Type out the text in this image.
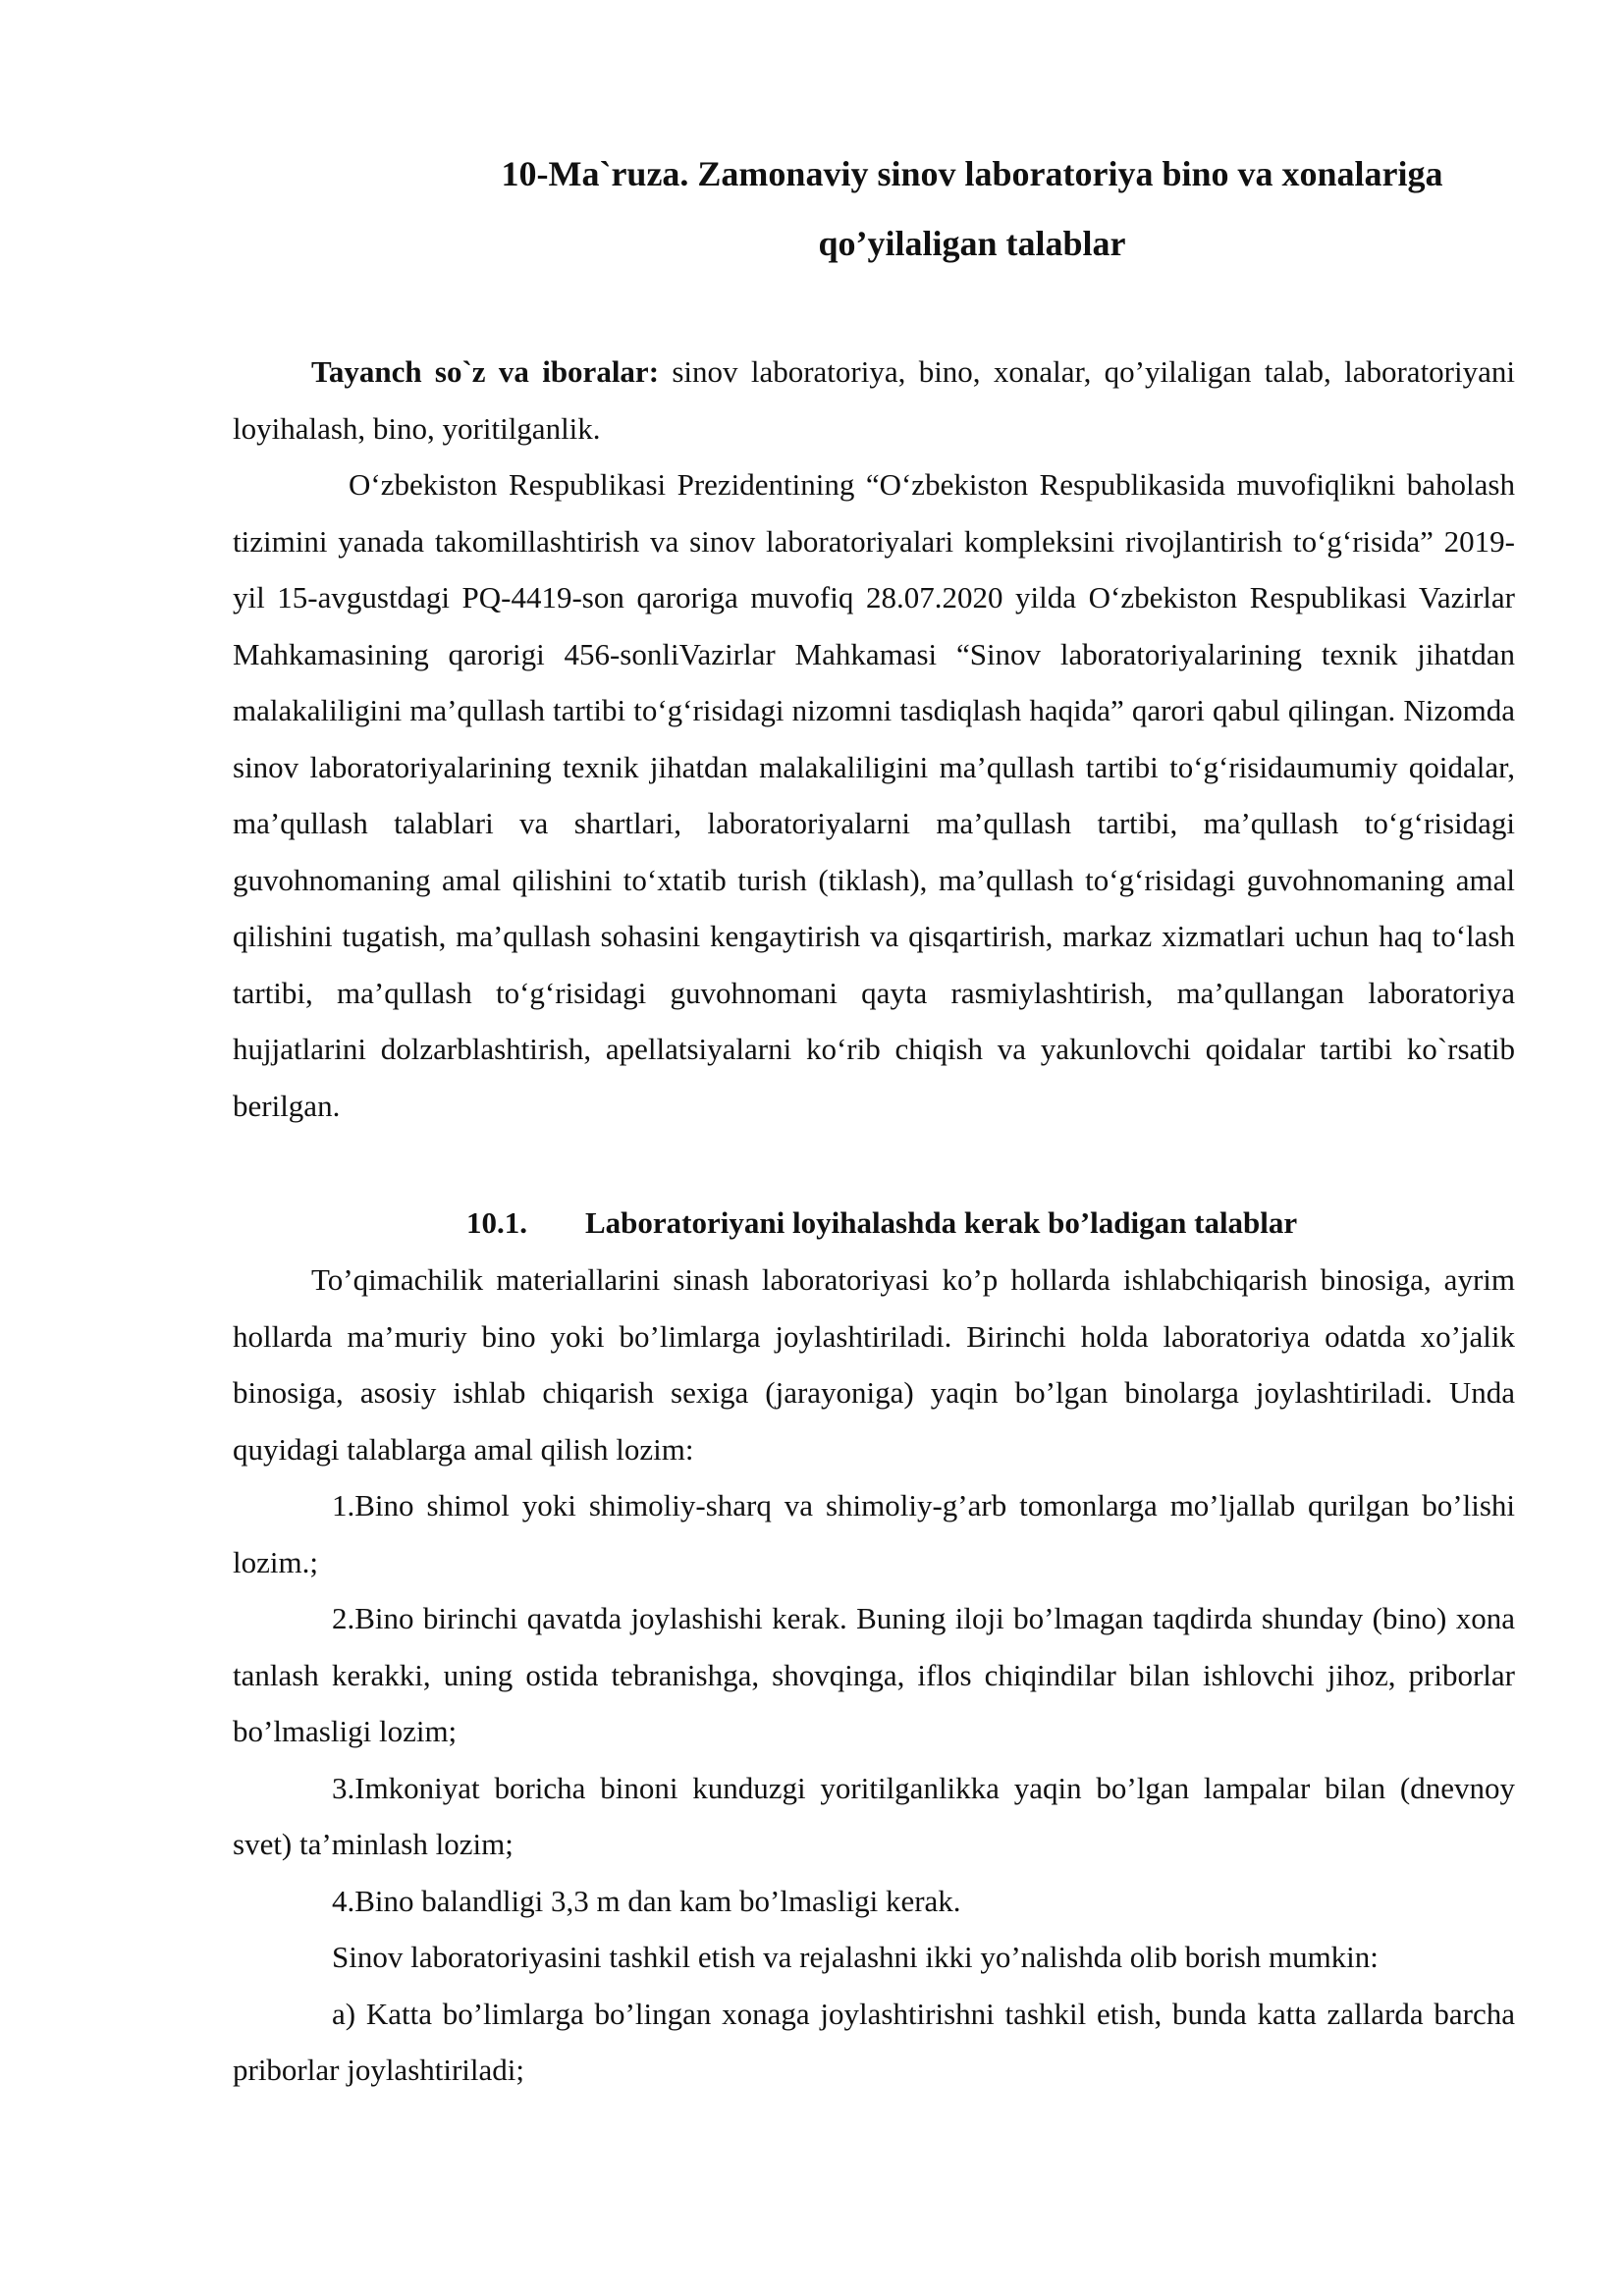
10-Ma`ruza. Zamonaviy sinov laboratoriya bino va xonalariga
qo’yilaligan talablar

Tayanch so`z va iboralar: sinov laboratoriya, bino, xonalar, qo’yilaligan talab, laboratoriyani loyihalash, bino, yoritilganlik.

O‘zbekiston Respublikasi Prezidentining “O‘zbekiston Respublikasida muvofiqlikni baholash tizimini yanada takomillashtirish va sinov laboratoriyalari kompleksini rivojlantirish to‘g‘risida” 2019-yil 15-avgustdagi PQ-4419-son qaroriga muvofiq 28.07.2020 yilda O‘zbekiston Respublikasi Vazirlar Mahkamasining qarorigi 456-sonliVazirlar Mahkamasi “Sinov laboratoriyalarining texnik jihatdan malakaliligini ma’qullash tartibi to‘g‘risidagi nizomni tasdiqlash haqida” qarori qabul qilingan. Nizomda sinov laboratoriyalarining texnik jihatdan malakaliligini ma’qullash tartibi to‘g‘risidaumumiy qoidalar, ma’qullash talablari va shartlari, laboratoriyalarni ma’qullash tartibi, ma’qullash to‘g‘risidagi guvohnomaning amal qilishini to‘xtatib turish (tiklash), ma’qullash to‘g‘risidagi guvohnomaning amal qilishini tugatish, ma’qullash sohasini kengaytirish va qisqartirish, markaz xizmatlari uchun haq to‘lash tartibi, ma’qullash to‘g‘risidagi guvohnomani qayta rasmiylashtirish, ma’qullangan laboratoriya hujjatlarini dolzarblashtirish, apellatsiyalarni ko‘rib chiqish va yakunlovchi qoidalar tartibi ko`rsatib berilgan.

10.1. Laboratoriyani loyihalashda kerak bo’ladigan talablar

To’qimachilik materiallarini sinash laboratoriyasi ko’p hollarda ishlabchiqarish binosiga, ayrim hollarda ma’muriy bino yoki bo’limlarga joylashtiriladi. Birinchi holda laboratoriya odatda xo’jalik binosiga, asosiy ishlab chiqarish sexiga (jarayoniga) yaqin bo’lgan binolarga joylashtiriladi. Unda quyidagi talablarga amal qilish lozim:

1.Bino shimol yoki shimoliy-sharq va shimoliy-g’arb tomonlarga mo’ljallab qurilgan bo’lishi lozim.;

2.Bino birinchi qavatda joylashishi kerak. Buning iloji bo’lmagan taqdirda shunday (bino) xona tanlash kerakki, uning ostida tebranishga, shovqinga, iflos chiqindilar bilan ishlovchi jihoz, priborlar bo’lmasligi lozim;

3.Imkoniyat boricha binoni kunduzgi yoritilganlikka yaqin bo’lgan lampalar bilan (dnevnoy svet) ta’minlash lozim;

4.Bino balandligi 3,3 m dan kam bo’lmasligi kerak.

Sinov laboratoriyasini tashkil etish va rejalashni ikki yo’nalishda olib borish mumkin:

a) Katta bo’limlarga bo’lingan xonaga joylashtirishni tashkil etish, bunda katta zallarda barcha priborlar joylashtiriladi;
